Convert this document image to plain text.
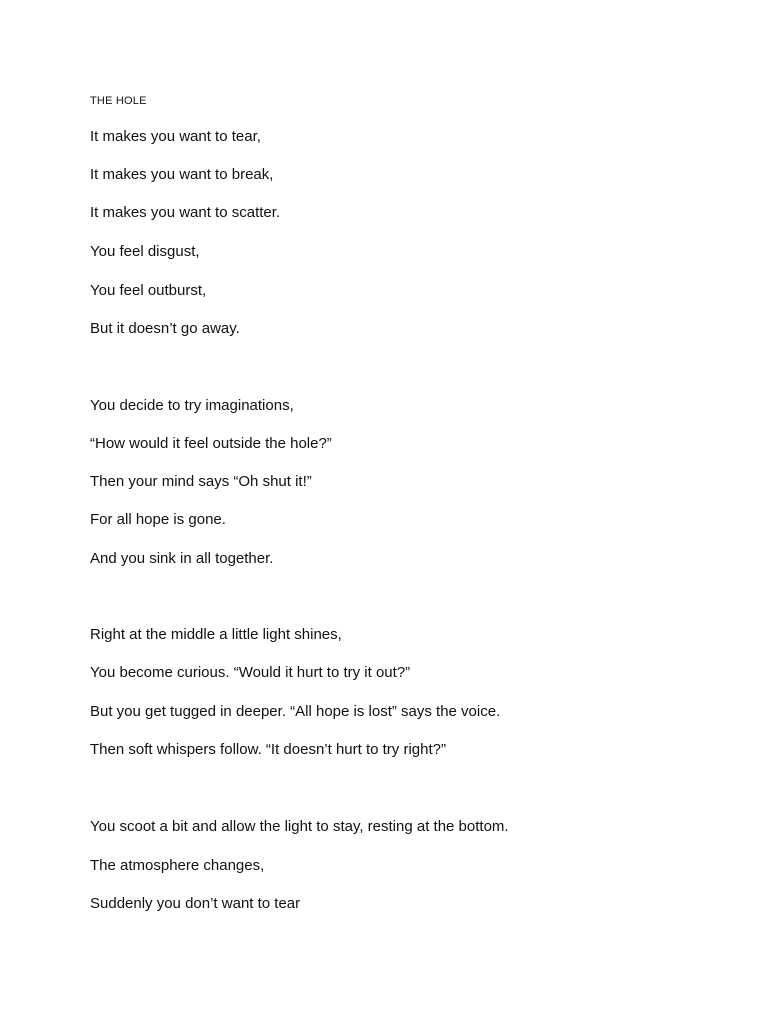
THE HOLE
It makes you want to tear,
It makes you want to break,
It makes you want to scatter.
You feel disgust,
You feel outburst,
But it doesn’t go away.
You decide to try imaginations,
“How would it feel outside the hole?”
Then your mind says “Oh shut it!”
For all hope is gone.
And you sink in all together.
Right at the middle a little light shines,
You become curious. “Would it hurt to try it out?”
But you get tugged in deeper. “All hope is lost” says the voice.
Then soft whispers follow. “It doesn’t hurt to try right?”
You scoot a bit and allow the light to stay, resting at the bottom.
The atmosphere changes,
Suddenly you don’t want to tear
